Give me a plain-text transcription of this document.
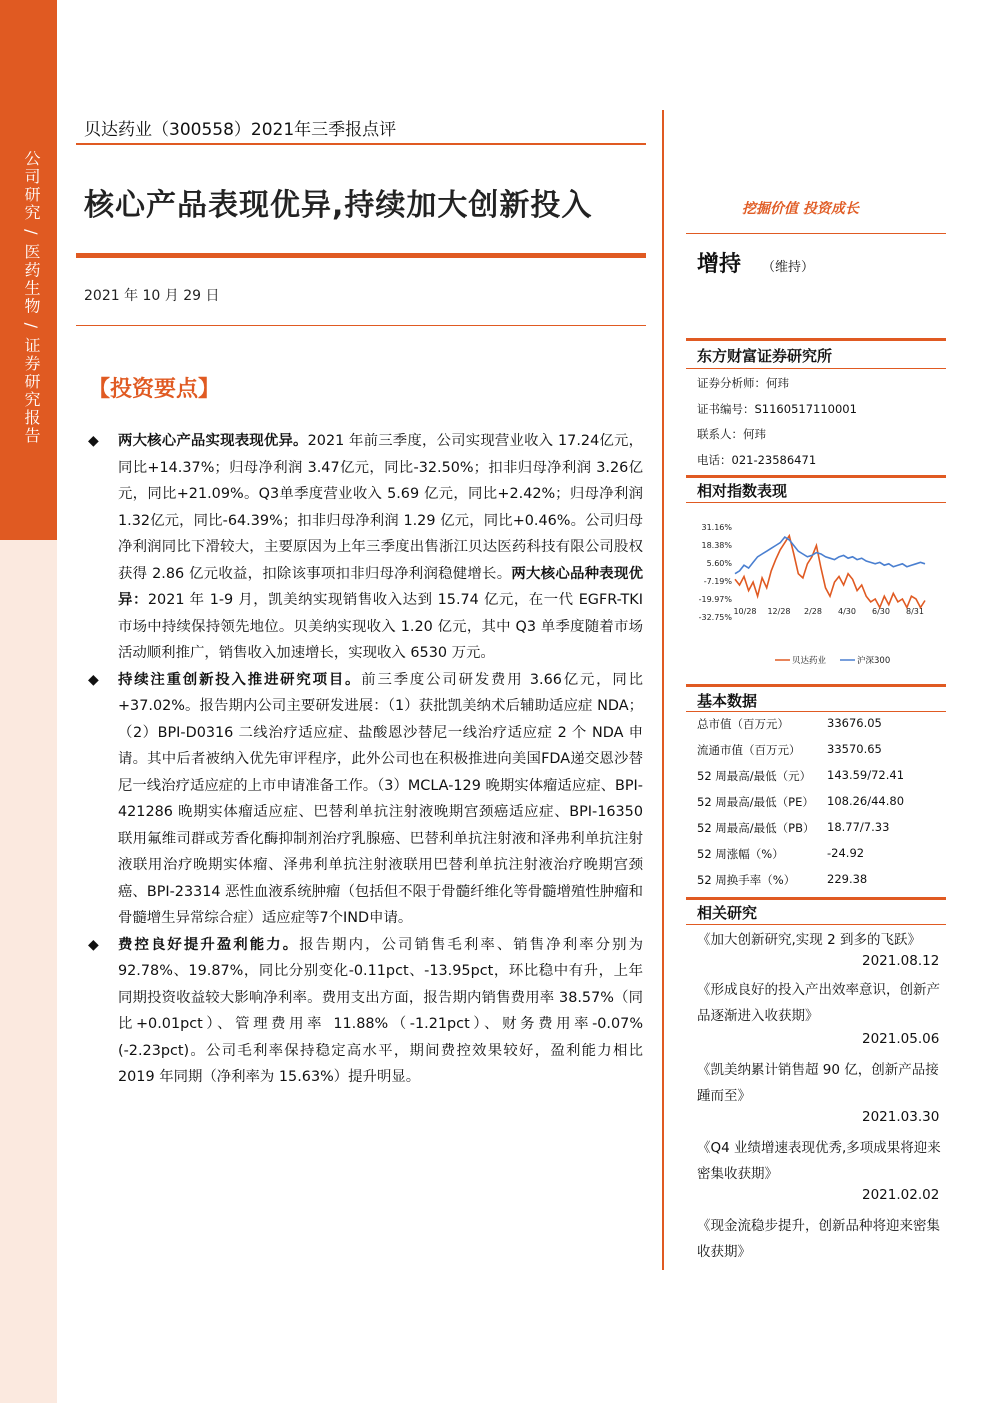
公司研究 / 医药生物 / 证券研究报告
贝达药业（300558）2021年三季报点评
核心产品表现优异,持续加大创新投入
2021 年 10 月 29 日
【投资要点】
◆ 两大核心产品实现表现优异。2021 年前三季度，公司实现营业收入 17.24亿元，同比+14.37%；归母净利润 3.47亿元，同比-32.50%；扣非归母净利润 3.26亿元，同比+21.09%。Q3单季度营业收入 5.69 亿元，同比+2.42%；归母净利润 1.32亿元，同比-64.39%；扣非归母净利润 1.29 亿元，同比+0.46%。公司归母净利润同比下滑较大，主要原因为上年三季度出售浙江贝达医药科技有限公司股权获得 2.86 亿元收益，扣除该事项扣非归母净利润稳健增长。两大核心品种表现优异：2021 年 1-9 月，凯美纳实现销售收入达到 15.74 亿元，在一代 EGFR-TKI 市场中持续保持领先地位。贝美纳实现收入 1.20 亿元，其中 Q3 单季度随着市场活动顺利推广，销售收入加速增长，实现收入 6530 万元。
◆ 持续注重创新投入推进研究项目。前三季度公司研发费用 3.66亿元，同比+37.02%。报告期内公司主要研发进展：（1）获批凯美纳术后辅助适应症 NDA；（2）BPI-D0316 二线治疗适应症、盐酸恩沙替尼一线治疗适应症 2 个 NDA 申请。其中后者被纳入优先审评程序，此外公司也在积极推进向美国FDA递交恩沙替尼一线治疗适应症的上市申请准备工作。（3）MCLA-129 晚期实体瘤适应症、BPI-421286 晚期实体瘤适应症、巴替利单抗注射液晚期宫颈癌适应症、BPI-16350 联用氟维司群或芳香化酶抑制剂治疗乳腺癌、巴替利单抗注射液和泽弗利单抗注射液联用治疗晚期实体瘤、泽弗利单抗注射液联用巴替利单抗注射液治疗晚期宫颈癌、BPI-23314 恶性血液系统肿瘤（包括但不限于骨髓纤维化等骨髓增殖性肿瘤和骨髓增生异常综合症）适应症等7个IND申请。
◆ 费控良好提升盈利能力。报告期内，公司销售毛利率、销售净利率分别为 92.78%、19.87%，同比分别变化-0.11pct、-13.95pct，环比稳中有升，上年同期投资收益较大影响净利率。费用支出方面，报告期内销售费用率 38.57%（同比+0.01pct）、管理费用率 11.88%（-1.21pct）、财务费用率-0.07%(-2.23pct)。公司毛利率保持稳定高水平，期间费控效果较好，盈利能力相比 2019 年同期（净利率为 15.63%）提升明显。
挖掘价值 投资成长
增持 （维持）
东方财富证券研究所
证券分析师：何玮
证书编号：S1160517110001
联系人：何玮
电话：021-23586471
相对指数表现
31.16%
18.38%
5.60%
-7.19%
-19.97%
-32.75%
10/28 12/28 2/28 4/30 6/30 8/31
贝达药业	沪深300
基本数据
总市值（百万元）	33676.05
流通市值（百万元） 33570.65
52 周最高/最低（元） 143.59/72.41
52 周最高/最低（PE） 108.26/44.80
52 周最高/最低（PB） 18.77/7.33
52 周涨幅（%）	-24.92
52 周换手率（%）	229.38
相关研究
《加大创新研究,实现 2 到多的飞跃》
2021.08.12
《形成良好的投入产出效率意识，创新产品逐渐进入收获期》
2021.05.06
《凯美纳累计销售超 90 亿，创新产品接踵而至》
2021.03.30
《Q4 业绩增速表现优秀,多项成果将迎来密集收获期》
2021.02.02
《现金流稳步提升，创新品种将迎来密集收获期》
